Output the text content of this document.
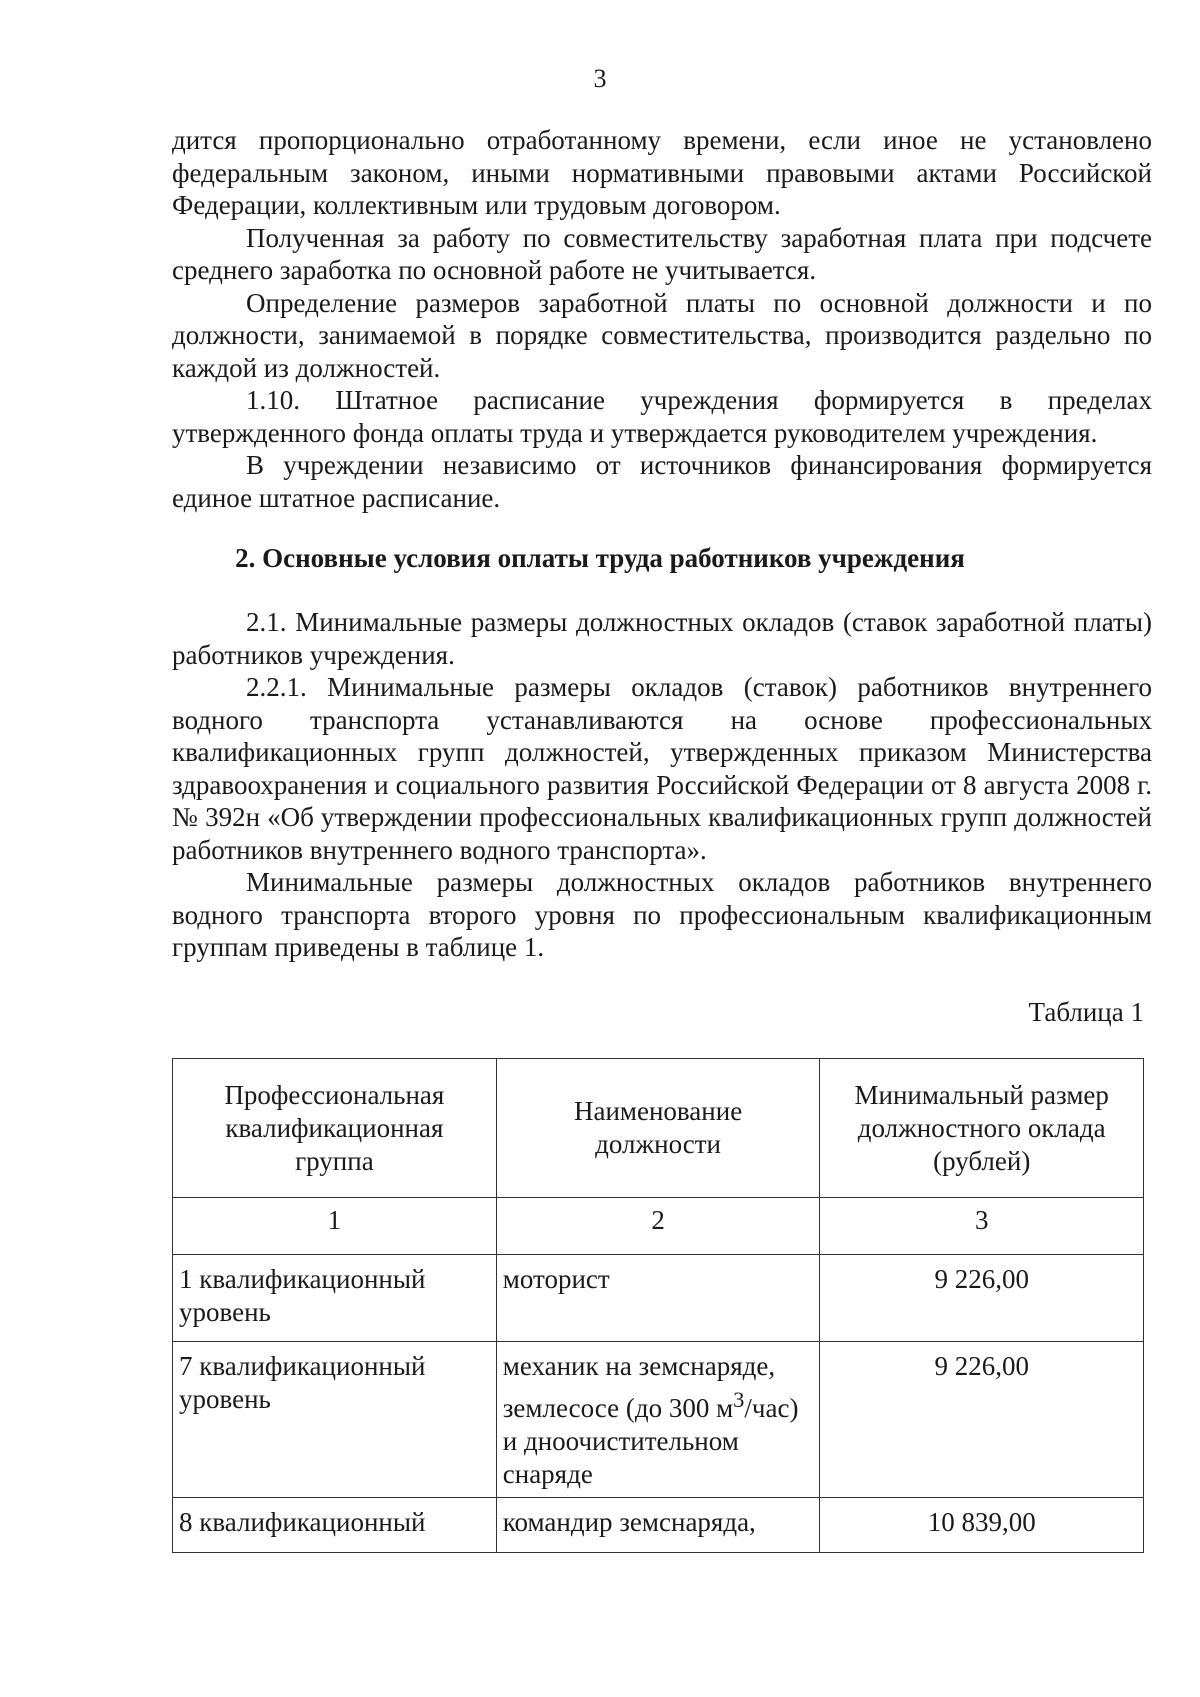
3

дится пропорционально отработанному времени, если иное не установлено федеральным законом, иными нормативными правовыми актами Российской Федерации, коллективным или трудовым договором.

Полученная за работу по совместительству заработная плата при подсчете среднего заработка по основной работе не учитывается.

Определение размеров заработной платы по основной должности и по должности, занимаемой в порядке совместительства, производится раздельно по каждой из должностей.

1.10. Штатное расписание учреждения формируется в пределах утвержденного фонда оплаты труда и утверждается руководителем учреждения.

В учреждении независимо от источников финансирования формируется единое штатное расписание.

2. Основные условия оплаты труда работников учреждения

2.1. Минимальные размеры должностных окладов (ставок заработной платы) работников учреждения.

2.2.1. Минимальные размеры окладов (ставок) работников внутреннего водного транспорта устанавливаются на основе профессиональных квалификационных групп должностей, утвержденных приказом Министерства здравоохранения и социального развития Российской Федерации от 8 августа 2008 г. № 392н «Об утверждении профессиональных квалификационных групп должностей работников внутреннего водного транспорта».

Минимальные размеры должностных окладов работников внутреннего водного транспорта второго уровня по профессиональным квалификационным группам приведены в таблице 1.

Таблица 1
Профессиональная квалификационная группа	Наименование должности	Минимальный размер должностного оклада (рублей)
1	2	3
1 квалификационный уровень	моторист	9 226,00
7 квалификационный уровень	механик на земснаряде, землесосе (до 300 $м^3/час$) и дноочистительном снаряде	9 226,00
8 квалификационный	командир земснаряда,	10 839,00
